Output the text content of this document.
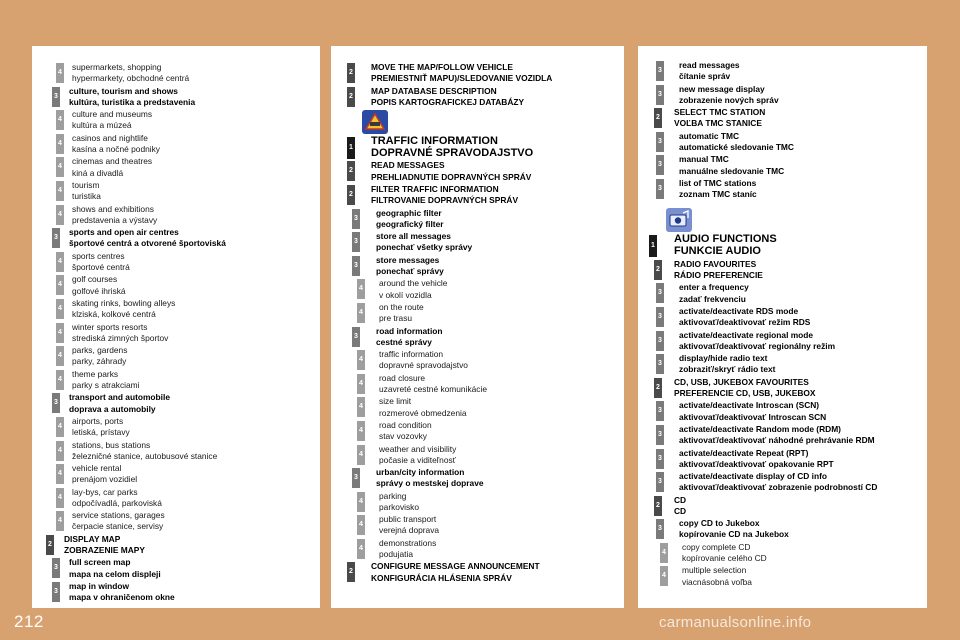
4
supermarkets, shopping
hypermarkety, obchodné centrá
3
culture, tourism and shows
kultúra, turistika a predstavenia
4
culture and museums
kultúra a múzeá
4
casinos and nightlife
kasína a nočné podniky
4
cinemas and theatres
kiná a divadlá
4
tourism
turistika
4
shows and exhibitions
predstavenia a výstavy
3
sports and open air centres
športové centrá a otvorené športoviská
4
sports centres
športové centrá
4
golf courses
golfové ihriská
4
skating rinks, bowling alleys
klziská, kolkové centrá
4
winter sports resorts
strediská zimných športov
4
parks, gardens
parky, záhrady
4
theme parks
parky s atrakciami
3
transport and automobile
doprava a automobily
4
airports, ports
letiská, prístavy
4
stations, bus stations
železničné stanice, autobusové stanice
4
vehicle rental
prenájom vozidiel
4
lay-bys, car parks
odpočívadlá, parkoviská
4
service stations, garages
čerpacie stanice, servisy
2
DISPLAY MAP
ZOBRAZENIE MAPY
3
full screen map
mapa na celom displeji
3
map in window
mapa v ohraničenom okne
2
MOVE THE MAP/FOLLOW VEHICLE
PREMIESTNIŤ MAPU)/SLEDOVANIE VOZIDLA
2
MAP DATABASE DESCRIPTION
POPIS KARTOGRAFICKEJ DATABÁZY
1
TRAFFIC INFORMATION
DOPRAVNÉ SPRAVODAJSTVO
2
READ MESSAGES
PREHLIADNUTIE DOPRAVNÝCH SPRÁV
2
FILTER TRAFFIC INFORMATION
FILTROVANIE DOPRAVNÝCH SPRÁV
3
geographic filter
geografický filter
3
store all messages
ponechať všetky správy
3
store messages
ponechať správy
4
around the vehicle
v okolí vozidla
4
on the route
pre trasu
3
road information
cestné správy
4
traffic information
dopravné spravodajstvo
4
road closure
uzavreté cestné komunikácie
4
size limit
rozmerové obmedzenia
4
road condition
stav vozovky
4
weather and visibility
počasie a viditeľnosť
3
urban/city information
správy o mestskej doprave
4
parking
parkovisko
4
public transport
verejná doprava
4
demonstrations
podujatia
2
CONFIGURE MESSAGE ANNOUNCEMENT
KONFIGURÁCIA HLÁSENIA SPRÁV
3
read messages
čítanie správ
3
new message display
zobrazenie nových správ
2
SELECT TMC STATION
VOĽBA TMC STANICE
3
automatic TMC
automatické sledovanie TMC
3
manual TMC
manuálne sledovanie TMC
3
list of TMC stations
zoznam TMC staníc
1
AUDIO FUNCTIONS
FUNKCIE AUDIO
2
RADIO FAVOURITES
RÁDIO PREFERENCIE
3
enter a frequency
zadať frekvenciu
3
activate/deactivate RDS mode
aktivovať/deaktivovať režim RDS
3
activate/deactivate regional mode
aktivovať/deaktivovať regionálny režim
3
display/hide radio text
zobraziť/skryť rádio text
2
CD, USB, JUKEBOX FAVOURITES
PREFERENCIE CD, USB, JUKEBOX
3
activate/deactivate Introscan (SCN)
aktivovať/deaktivovať Introscan SCN
3
activate/deactivate Random mode (RDM)
aktivovať/deaktivovať náhodné prehrávanie RDM
3
activate/deactivate Repeat (RPT)
aktivovať/deaktivovať opakovanie RPT
3
activate/deactivate display of CD info
aktivovať/deaktivovať zobrazenie podrobností CD
2
CD
CD
3
copy CD to Jukebox
kopírovanie CD na Jukebox
4
copy complete CD
kopírovanie celého CD
4
multiple selection
viacnásobná voľba
212	carmanualsonline.info
